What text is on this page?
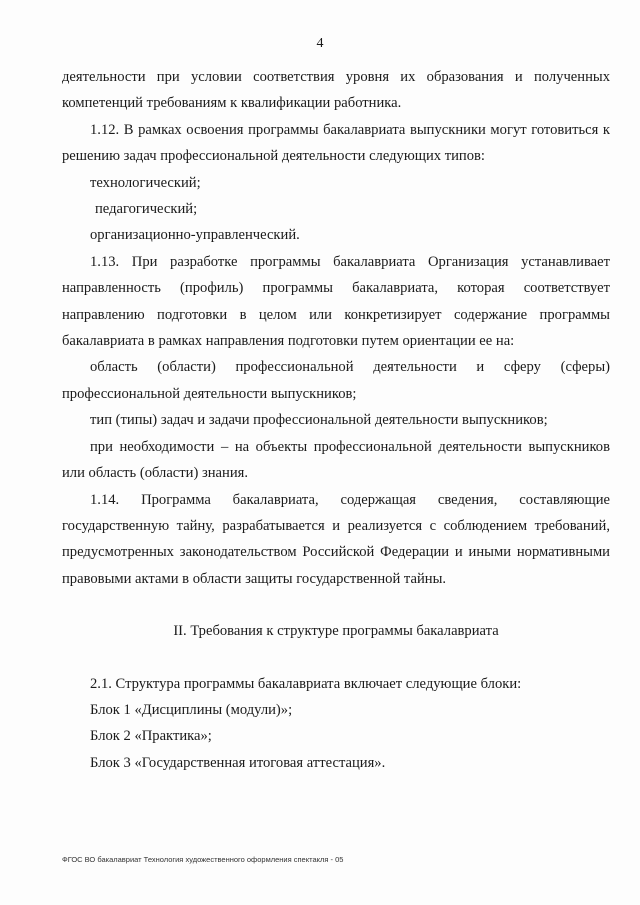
4

деятельности при условии соответствия уровня их образования и полученных компетенций требованиям к квалификации работника.

1.12. В рамках освоения программы бакалавриата выпускники могут готовиться к решению задач профессиональной деятельности следующих типов:

технологический;

педагогический;

организационно-управленческий.

1.13. При разработке программы бакалавриата Организация устанавливает направленность (профиль) программы бакалавриата, которая соответствует направлению подготовки в целом или конкретизирует содержание программы бакалавриата в рамках направления подготовки путем ориентации ее на:

область (области) профессиональной деятельности и сферу (сферы) профессиональной деятельности выпускников;

тип (типы) задач и задачи профессиональной деятельности выпускников;

при необходимости – на объекты профессиональной деятельности выпускников или область (области) знания.

1.14. Программа бакалавриата, содержащая сведения, составляющие государственную тайну, разрабатывается и реализуется с соблюдением требований, предусмотренных законодательством Российской Федерации и иными нормативными правовыми актами в области защиты государственной тайны.

II. Требования к структуре программы бакалавриата

2.1. Структура программы бакалавриата включает следующие блоки:

Блок 1 «Дисциплины (модули)»;

Блок 2 «Практика»;

Блок 3 «Государственная итоговая аттестация».

ФГОС ВО бакалавриат Технология художественного оформления спектакля - 05
